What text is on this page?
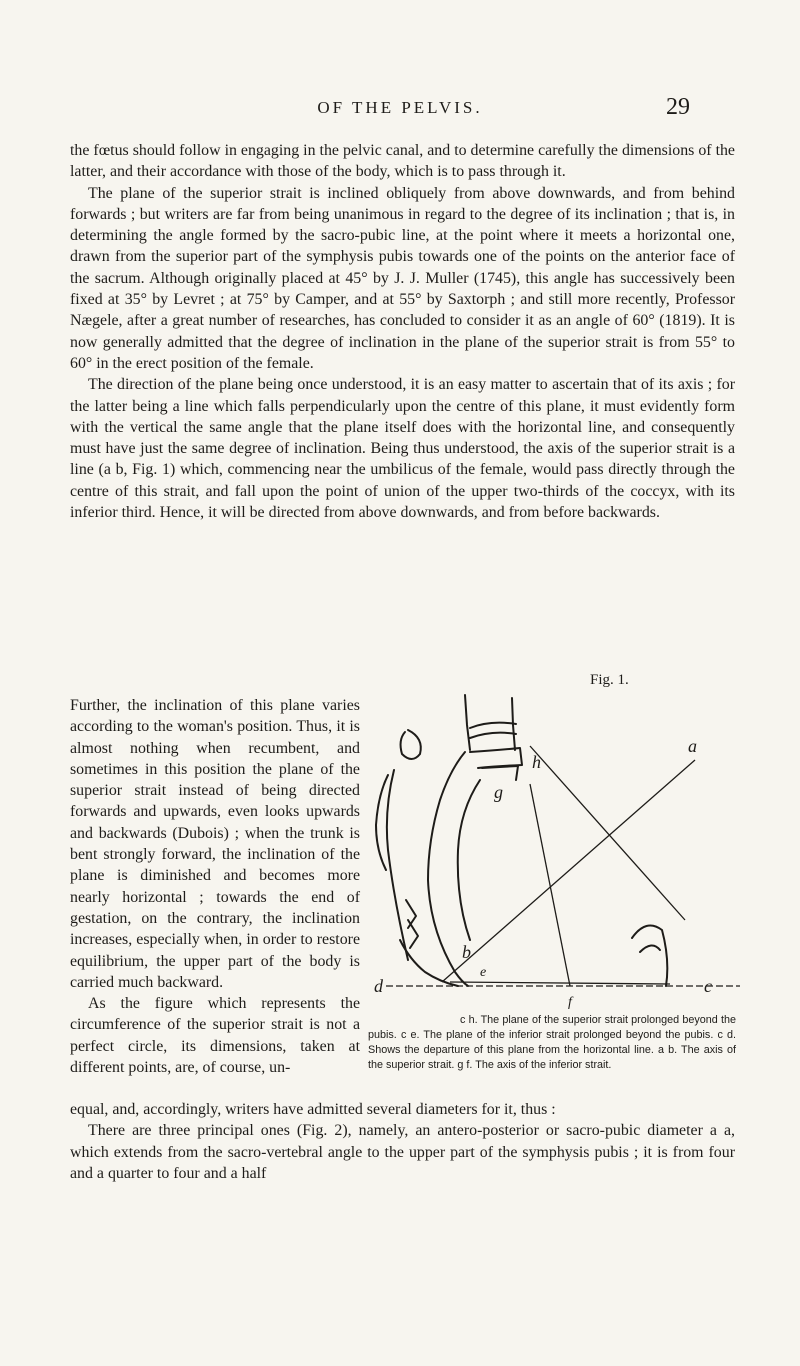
OF THE PELVIS.	29

the fœtus should follow in engaging in the pelvic canal, and to determine carefully the dimensions of the latter, and their accordance with those of the body, which is to pass through it.

The plane of the superior strait is inclined obliquely from above downwards, and from behind forwards ; but writers are far from being unanimous in regard to the degree of its inclination ; that is, in determining the angle formed by the sacro-pubic line, at the point where it meets a horizontal one, drawn from the superior part of the symphysis pubis towards one of the points on the anterior face of the sacrum. Although originally placed at 45° by J. J. Muller (1745), this angle has successively been fixed at 35° by Levret ; at 75° by Camper, and at 55° by Saxtorph ; and still more recently, Professor Nægele, after a great number of researches, has concluded to consider it as an angle of 60° (1819). It is now generally admitted that the degree of inclination in the plane of the superior strait is from 55° to 60° in the erect position of the female.

The direction of the plane being once understood, it is an easy matter to ascertain that of its axis ; for the latter being a line which falls perpendicularly upon the centre of this plane, it must evidently form with the vertical the same angle that the plane itself does with the horizontal line, and consequently must have just the same degree of inclination. Being thus understood, the axis of the superior strait is a line (a b, Fig. 1) which, commencing near the umbilicus of the female, would pass directly through the centre of this strait, and fall upon the point of union of the upper two-thirds of the coccyx, with its inferior third. Hence, it will be directed from above downwards, and from before backwards.

Further, the inclination of this plane varies according to the woman's position. Thus, it is almost nothing when recumbent, and sometimes in this position the plane of the superior strait instead of being directed forwards and upwards, even looks upwards and backwards (Dubois) ; when the trunk is bent strongly forward, the inclination of the plane is diminished and becomes more nearly horizontal ; towards the end of gestation, on the contrary, the inclination increases, especially when, in order to restore equilibrium, the upper part of the body is carried much backward.

As the figure which represents the circumference of the superior strait is not a perfect circle, its dimensions, taken at different points, are, of course, un-

Fig. 1.
a
b
c
d
e
f
g
h
c h. The plane of the superior strait prolonged beyond the pubis. c e. The plane of the inferior strait prolonged beyond the pubis. c d. Shows the departure of this plane from the horizontal line. a b. The axis of the superior strait. g f. The axis of the inferior strait.

equal, and, accordingly, writers have admitted several diameters for it, thus :

There are three principal ones (Fig. 2), namely, an antero-posterior or sacro-pubic diameter a a, which extends from the sacro-vertebral angle to the upper part of the symphysis pubis ; it is from four and a quarter to four and a half
